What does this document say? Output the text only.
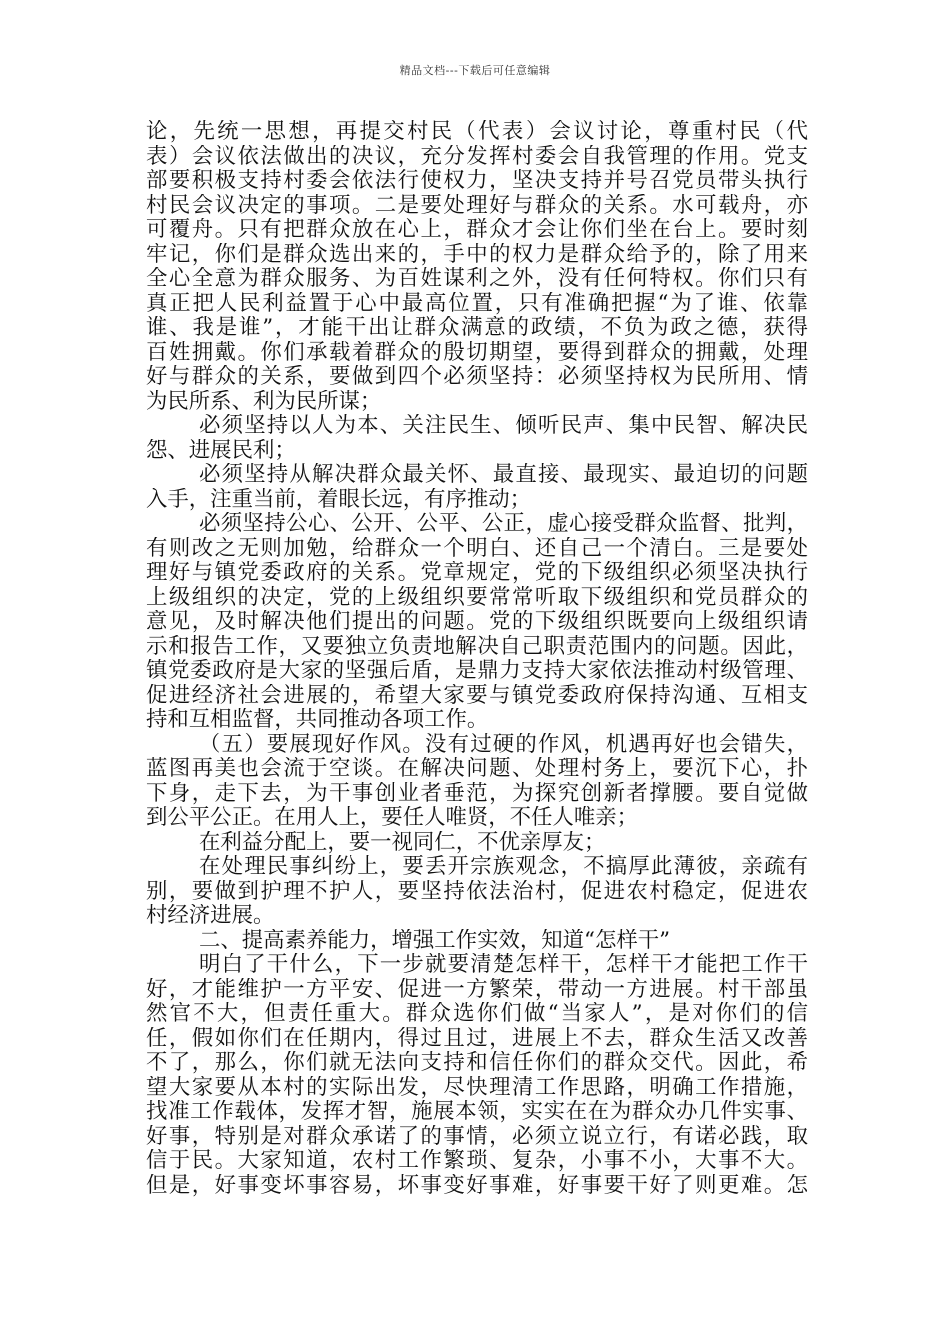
精品文档---下载后可任意编辑
论，先统一思想，再提交村民（代表）会议讨论，尊重村民（代
表）会议依法做出的决议，充分发挥村委会自我管理的作用。党支
部要积极支持村委会依法行使权力，坚决支持并号召党员带头执行
村民会议决定的事项。二是要处理好与群众的关系。水可载舟，亦
可覆舟。只有把群众放在心上，群众才会让你们坐在台上。要时刻
牢记，你们是群众选出来的，手中的权力是群众给予的，除了用来
全心全意为群众服务、为百姓谋利之外，没有任何特权。你们只有
真正把人民利益置于心中最高位置，只有准确把握“为了谁、依靠
谁、我是谁”，才能干出让群众满意的政绩，不负为政之德，获得
百姓拥戴。你们承载着群众的殷切期望，要得到群众的拥戴，处理
好与群众的关系，要做到四个必须坚持：必须坚持权为民所用、情
为民所系、利为民所谋；
必须坚持以人为本、关注民生、倾听民声、集中民智、解决民
怨、进展民利；
必须坚持从解决群众最关怀、最直接、最现实、最迫切的问题
入手，注重当前，着眼长远，有序推动；
必须坚持公心、公开、公平、公正，虚心接受群众监督、批判，
有则改之无则加勉，给群众一个明白、还自己一个清白。三是要处
理好与镇党委政府的关系。党章规定，党的下级组织必须坚决执行
上级组织的决定，党的上级组织要常常听取下级组织和党员群众的
意见，及时解决他们提出的问题。党的下级组织既要向上级组织请
示和报告工作，又要独立负责地解决自己职责范围内的问题。因此，
镇党委政府是大家的坚强后盾，是鼎力支持大家依法推动村级管理、
促进经济社会进展的，希望大家要与镇党委政府保持沟通、互相支
持和互相监督，共同推动各项工作。
（五）要展现好作风。没有过硬的作风，机遇再好也会错失，
蓝图再美也会流于空谈。在解决问题、处理村务上，要沉下心，扑
下身，走下去，为干事创业者垂范，为探究创新者撑腰。要自觉做
到公平公正。在用人上，要任人唯贤，不任人唯亲；
在利益分配上，要一视同仁，不优亲厚友；
在处理民事纠纷上，要丢开宗族观念，不搞厚此薄彼，亲疏有
别，要做到护理不护人，要坚持依法治村，促进农村稳定，促进农
村经济进展。
二、提高素养能力，增强工作实效，知道“怎样干”
明白了干什么，下一步就要清楚怎样干，怎样干才能把工作干
好，才能维护一方平安、促进一方繁荣，带动一方进展。村干部虽
然官不大，但责任重大。群众选你们做“当家人”，是对你们的信
任，假如你们在任期内，得过且过，进展上不去，群众生活又改善
不了，那么，你们就无法向支持和信任你们的群众交代。因此，希
望大家要从本村的实际出发，尽快理清工作思路，明确工作措施，
找准工作载体，发挥才智，施展本领，实实在在为群众办几件实事、
好事，特别是对群众承诺了的事情，必须立说立行，有诺必践，取
信于民。大家知道，农村工作繁琐、复杂，小事不小，大事不大。
但是，好事变坏事容易，坏事变好事难，好事要干好了则更难。怎
